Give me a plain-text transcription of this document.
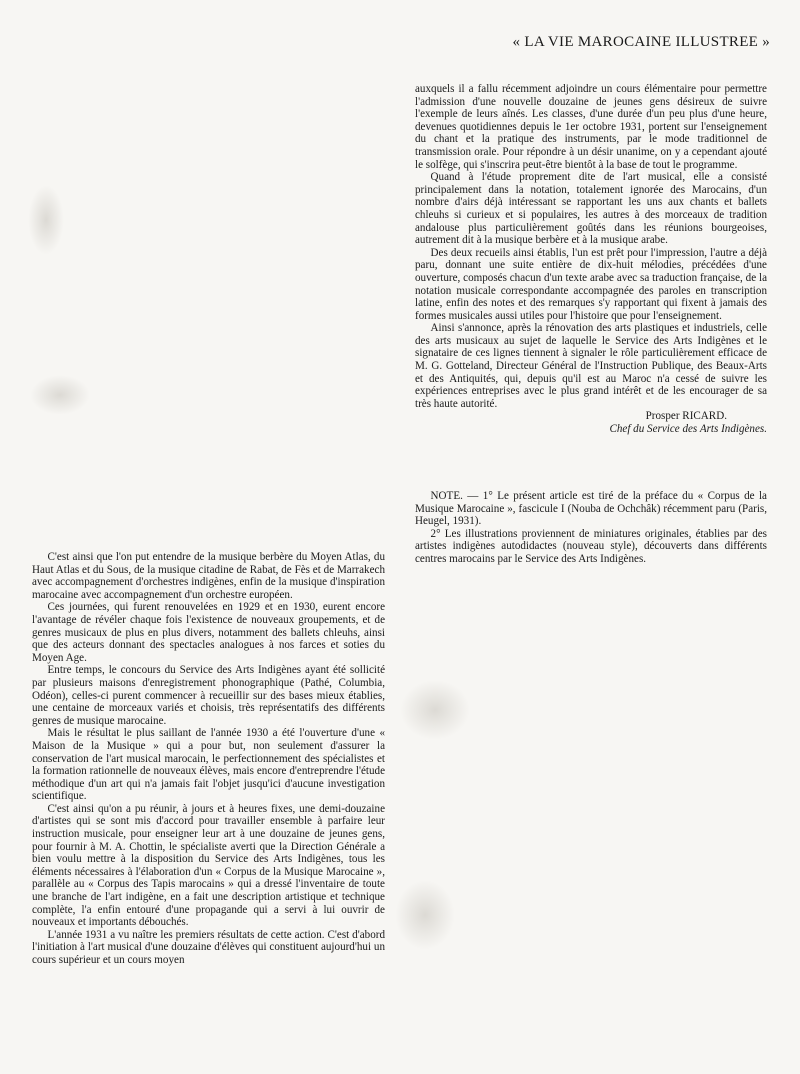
« LA VIE MAROCAINE ILLUSTREE »

auxquels il a fallu récemment adjoindre un cours élémentaire pour permettre l'admission d'une nouvelle douzaine de jeunes gens désireux de suivre l'exemple de leurs aînés. Les classes, d'une durée d'un peu plus d'une heure, devenues quotidiennes depuis le 1er octobre 1931, portent sur l'enseignement du chant et la pratique des instruments, par le mode traditionnel de transmission orale. Pour répondre à un désir unanime, on y a cependant ajouté le solfège, qui s'inscrira peut-être bientôt à la base de tout le programme.

Quand à l'étude proprement dite de l'art musical, elle a consisté principalement dans la notation, totalement ignorée des Marocains, d'un nombre d'airs déjà intéressant se rapportant les uns aux chants et ballets chleuhs si curieux et si populaires, les autres à des morceaux de tradition andalouse plus particulièrement goûtés dans les réunions bourgeoises, autrement dit à la musique berbère et à la musique arabe.

Des deux recueils ainsi établis, l'un est prêt pour l'impression, l'autre a déjà paru, donnant une suite entière de dix-huit mélodies, précédées d'une ouverture, composés chacun d'un texte arabe avec sa traduction française, de la notation musicale correspondante accompagnée des paroles en transcription latine, enfin des notes et des remarques s'y rapportant qui fixent à jamais des formes musicales aussi utiles pour l'histoire que pour l'enseignement.

Ainsi s'annonce, après la rénovation des arts plastiques et industriels, celle des arts musicaux au sujet de laquelle le Service des Arts Indigènes et le signataire de ces lignes tiennent à signaler le rôle particulièrement efficace de M. G. Gotteland, Directeur Général de l'Instruction Publique, des Beaux-Arts et des Antiquités, qui, depuis qu'il est au Maroc n'a cessé de suivre les expériences entreprises avec le plus grand intérêt et de les encourager de sa très haute autorité.

Prosper RICARD.

Chef du Service des Arts Indigènes.

NOTE. — 1° Le présent article est tiré de la préface du « Corpus de la Musique Marocaine », fascicule I (Nouba de Ochchâk) récemment paru (Paris, Heugel, 1931).

2° Les illustrations proviennent de miniatures originales, établies par des artistes indigènes autodidactes (nouveau style), découverts dans différents centres marocains par le Service des Arts Indigènes.

C'est ainsi que l'on put entendre de la musique berbère du Moyen Atlas, du Haut Atlas et du Sous, de la musique citadine de Rabat, de Fès et de Marrakech avec accompagnement d'orchestres indigènes, enfin de la musique d'inspiration marocaine avec accompagnement d'un orchestre européen.

Ces journées, qui furent renouvelées en 1929 et en 1930, eurent encore l'avantage de révéler chaque fois l'existence de nouveaux groupements, et de genres musicaux de plus en plus divers, notamment des ballets chleuhs, ainsi que des acteurs donnant des spectacles analogues à nos farces et soties du Moyen Age.

Entre temps, le concours du Service des Arts Indigènes ayant été sollicité par plusieurs maisons d'enregistrement phonographique (Pathé, Columbia, Odéon), celles-ci purent commencer à recueillir sur des bases mieux établies, une centaine de morceaux variés et choisis, très représentatifs des différents genres de musique marocaine.

Mais le résultat le plus saillant de l'année 1930 a été l'ouverture d'une « Maison de la Musique » qui a pour but, non seulement d'assurer la conservation de l'art musical marocain, le perfectionnement des spécialistes et la formation rationnelle de nouveaux élèves, mais encore d'entreprendre l'étude méthodique d'un art qui n'a jamais fait l'objet jusqu'ici d'aucune investigation scientifique.

C'est ainsi qu'on a pu réunir, à jours et à heures fixes, une demi-douzaine d'artistes qui se sont mis d'accord pour travailler ensemble à parfaire leur instruction musicale, pour enseigner leur art à une douzaine de jeunes gens, pour fournir à M. A. Chottin, le spécialiste averti que la Direction Générale a bien voulu mettre à la disposition du Service des Arts Indigènes, tous les éléments nécessaires à l'élaboration d'un « Corpus de la Musique Marocaine », parallèle au « Corpus des Tapis marocains » qui a dressé l'inventaire de toute une branche de l'art indigène, en a fait une description artistique et technique complète, l'a enfin entouré d'une propagande qui a servi à lui ouvrir de nouveaux et importants débouchés.

L'année 1931 a vu naître les premiers résultats de cette action. C'est d'abord l'initiation à l'art musical d'une douzaine d'élèves qui constituent aujourd'hui un cours supérieur et un cours moyen
